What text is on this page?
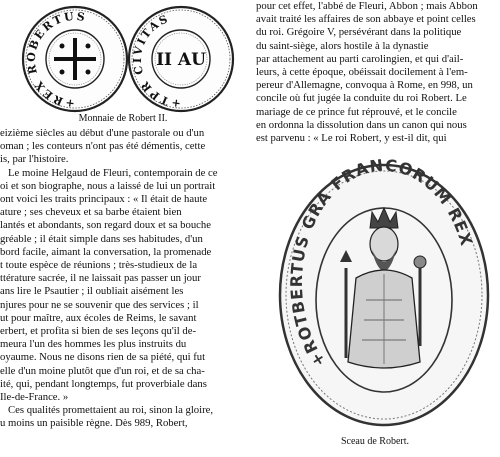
+REX ROBERTUS
II AU
+TPR CIVITAS
Monnaie de Robert II.

eizième siècles au début d'une pastorale ou d'un

oman ; les conteurs n'ont pas été démentis, cette

is, par l'histoire.

Le moine Helgaud de Fleuri, contemporain de ce

oi et son biographe, nous a laissé de lui un portrait

ont voici les traits principaux : « Il était de haute

ature ; ses cheveux et sa barbe étaient bien

lantés et abondants, son regard doux et sa bouche

gréable ; il était simple dans ses habitudes, d'un

bord facile, aimant la conversation, la promenade

t toute espèce de réunions ; très-studieux de la

ttérature sacrée, il ne laissait pas passer un jour

ans lire le Psautier ; il oubliait aisément les

njures pour ne se souvenir que des services ; il

ut pour maître, aux écoles de Reims, le savant

erbert, et profita si bien de ses leçons qu'il de-

meura l'un des hommes les plus instruits du

oyaume. Nous ne disons rien de sa piété, qui fut

elle d'un moine plutôt que d'un roi, et de sa cha-

ité, qui, pendant longtemps, fut proverbiale dans

Ile-de-France. »

Ces qualités promettaient au roi, sinon la gloire,

u moins un paisible règne. Dès 989, Robert,

pour cet effet, l'abbé de Fleuri, Abbon ; mais Abbon

avait traité les affaires de son abbaye et point celles

du roi. Grégoire V, persévérant dans la politique

du saint-siège, alors hostile à la dynastie

par attachement au parti carolingien, et qui d'ail-

leurs, à cette époque, obéissait docilement à l'em-

pereur d'Allemagne, convoqua à Rome, en 998, un

concile où fut jugée la conduite du roi Robert. Le

mariage de ce prince fut réprouvé, et le concile

en ordonna la dissolution dans un canon qui nous

est parvenu : « Le roi Robert, y est-il dit, qui

+ROTBERTUS GRA FRANCORUM REX
Sceau de Robert.
